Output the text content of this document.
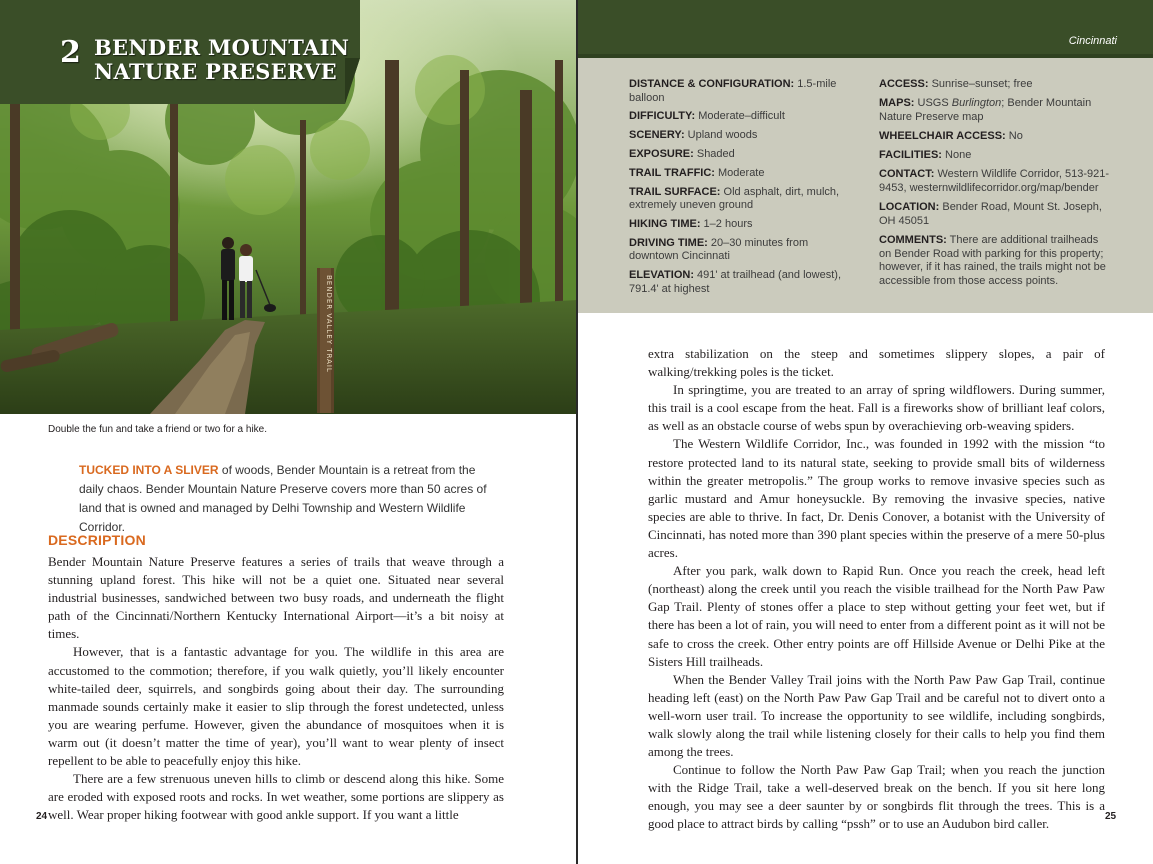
BENDER VALLEY TRAIL
2 BENDER MOUNTAIN
NATURE PRESERVE
Double the fun and take a friend or two for a hike.
TUCKED INTO A SLIVER of woods, Bender Mountain is a retreat from the daily chaos. Bender Mountain Nature Preserve covers more than 50 acres of land that is owned and managed by Delhi Township and Western Wildlife Corridor.
DESCRIPTION

Bender Mountain Nature Preserve features a series of trails that weave through a stunning upland forest. This hike will not be a quiet one. Situated near several industrial businesses, sandwiched between two busy roads, and underneath the flight path of the Cincinnati/Northern Kentucky International Airport—it’s a bit noisy at times.

However, that is a fantastic advantage for you. The wildlife in this area are accustomed to the commotion; therefore, if you walk quietly, you’ll likely encounter white-tailed deer, squirrels, and songbirds going about their day. The surrounding manmade sounds certainly make it easier to slip through the forest undetected, unless you are wearing perfume. However, given the abundance of mosquitoes when it is warm out (it doesn’t matter the time of year), you’ll want to wear plenty of insect repellent to be able to peacefully enjoy this hike.

There are a few strenuous uneven hills to climb or descend along this hike. Some are eroded with exposed roots and rocks. In wet weather, some portions are slippery as well. Wear proper hiking footwear with good ankle support. If you want a little

24
Cincinnati
DISTANCE & CONFIGURATION: 1.5-mile balloon
DIFFICULTY: Moderate–difficult
SCENERY: Upland woods
EXPOSURE: Shaded
TRAIL TRAFFIC: Moderate
TRAIL SURFACE: Old asphalt, dirt, mulch, extremely uneven ground
HIKING TIME: 1–2 hours
DRIVING TIME: 20–30 minutes from downtown Cincinnati
ELEVATION: 491' at trailhead (and lowest), 791.4' at highest
ACCESS: Sunrise–sunset; free
MAPS: USGS Burlington; Bender Mountain Nature Preserve map
WHEELCHAIR ACCESS: No
FACILITIES: None
CONTACT: Western Wildlife Corridor, 513-921-9453, westernwildlifecorridor.org/map/bender
LOCATION: Bender Road, Mount St. Joseph, OH 45051
COMMENTS: There are additional trailheads on Bender Road with parking for this property; however, if it has rained, the trails might not be accessible from those access points.

extra stabilization on the steep and sometimes slippery slopes, a pair of walking/trekking poles is the ticket.

In springtime, you are treated to an array of spring wildflowers. During summer, this trail is a cool escape from the heat. Fall is a fireworks show of brilliant leaf colors, as well as an obstacle course of webs spun by overachieving orb-weaving spiders.

The Western Wildlife Corridor, Inc., was founded in 1992 with the mission “to restore protected land to its natural state, seeking to provide small bits of wilderness within the greater metropolis.” The group works to remove invasive species such as garlic mustard and Amur honeysuckle. By removing the invasive species, native species are able to thrive. In fact, Dr. Denis Conover, a botanist with the University of Cincinnati, has noted more than 390 plant species within the preserve of a mere 50-plus acres.

After you park, walk down to Rapid Run. Once you reach the creek, head left (northeast) along the creek until you reach the visible trailhead for the North Paw Paw Gap Trail. Plenty of stones offer a place to step without getting your feet wet, but if there has been a lot of rain, you will need to enter from a different point as it will not be safe to cross the creek. Other entry points are off Hillside Avenue or Delhi Pike at the Sisters Hill trailheads.

When the Bender Valley Trail joins with the North Paw Paw Gap Trail, continue heading left (east) on the North Paw Paw Gap Trail and be careful not to divert onto a well-worn user trail. To increase the opportunity to see wildlife, including songbirds, walk slowly along the trail while listening closely for their calls to help you find them among the trees.

Continue to follow the North Paw Paw Gap Trail; when you reach the junction with the Ridge Trail, take a well-deserved break on the bench. If you sit here long enough, you may see a deer saunter by or songbirds flit through the trees. This is a good place to attract birds by calling “pssh” or to use an Audubon bird caller.	25
